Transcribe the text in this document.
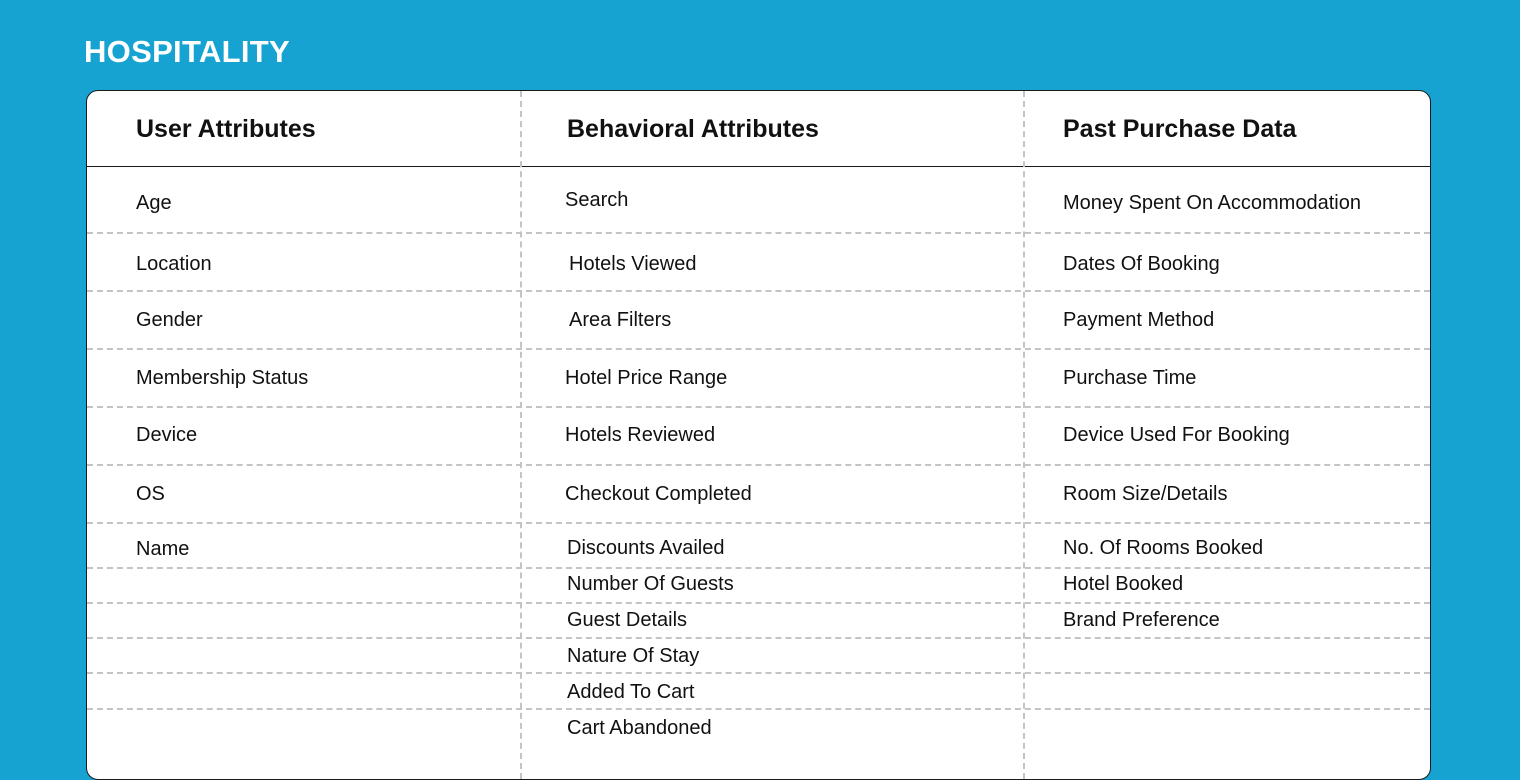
HOSPITALITY
User Attributes	Behavioral Attributes	Past Purchase Data
Age
Location
Gender
Membership Status
Device
OS
Name
Search
Hotels Viewed
Area Filters
Hotel Price Range
Hotels Reviewed
Checkout Completed
Discounts Availed
Number Of Guests
Guest Details
Nature Of Stay
Added To Cart
Cart Abandoned
Money Spent On Accommodation
Dates Of Booking
Payment Method
Purchase Time
Device Used For Booking
Room Size/Details
No. Of Rooms Booked
Hotel Booked
Brand Preference
